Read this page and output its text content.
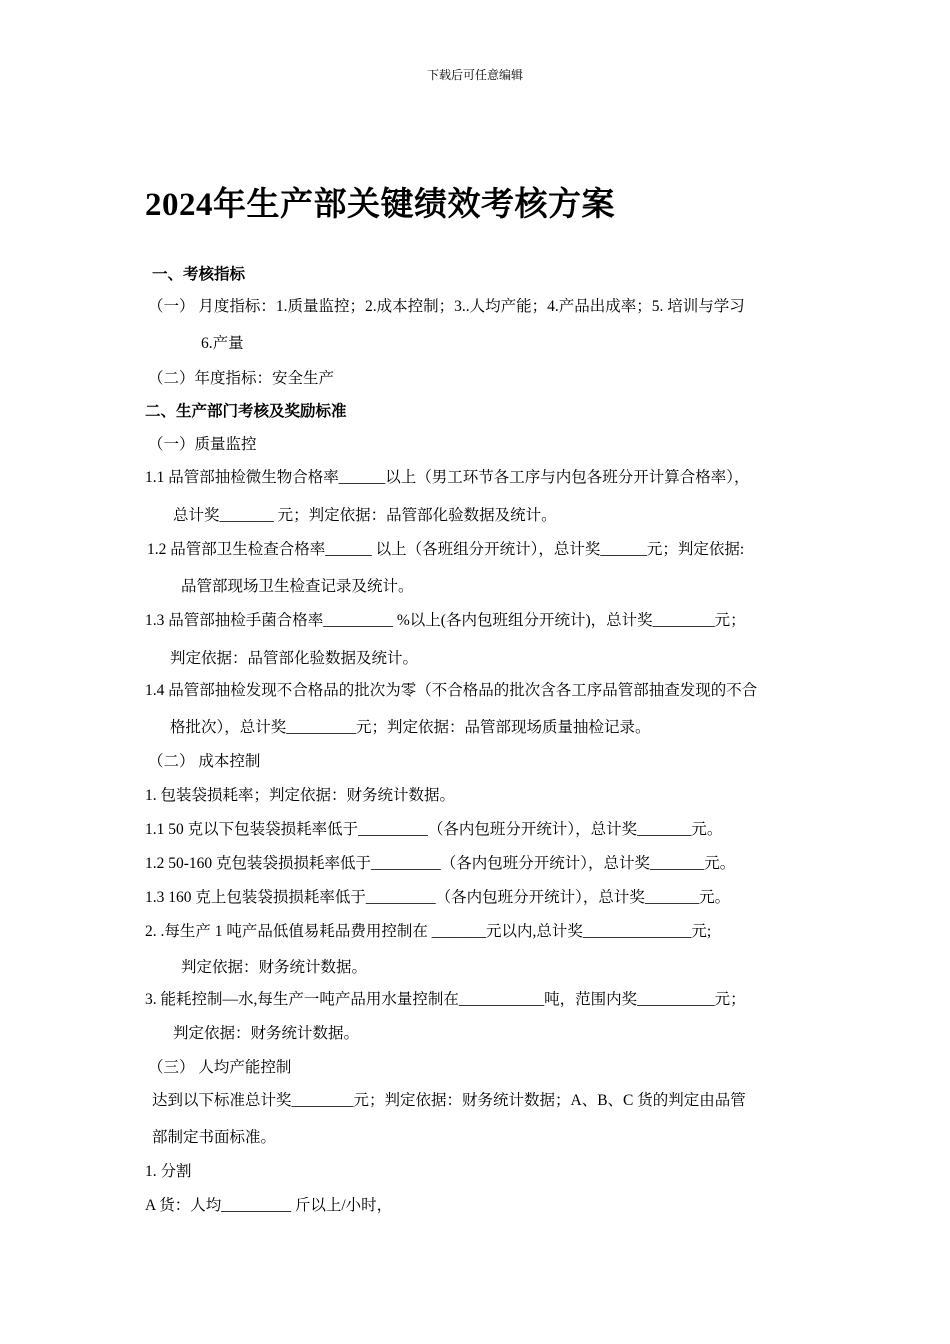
下载后可任意编辑
2024年生产部关键绩效考核方案
一、考核指标
（一） 月度指标：1.质量监控；2.成本控制；3..人均产能；4.产品出成率；5. 培训与学习
6.产量
（二）年度指标：安全生产
二、生产部门考核及奖励标准
（一）质量监控
1.1 品管部抽检微生物合格率______以上（男工环节各工序与内包各班分开计算合格率），
总计奖_______ 元；判定依据：品管部化验数据及统计。
1.2 品管部卫生检查合格率______ 以上（各班组分开统计），总计奖______元；判定依据:
品管部现场卫生检查记录及统计。
1.3 品管部抽检手菌合格率_________ %以上(各内包班组分开统计)，总计奖________元；
判定依据：品管部化验数据及统计。
1.4 品管部抽检发现不合格品的批次为零（不合格品的批次含各工序品管部抽查发现的不合
格批次），总计奖_________元；判定依据：品管部现场质量抽检记录。
（二） 成本控制
1. 包装袋损耗率；判定依据：财务统计数据。
1.1 50 克以下包装袋损耗率低于_________（各内包班分开统计），总计奖_______元。
1.2 50-160 克包装袋损损耗率低于_________（各内包班分开统计），总计奖_______元。
1.3 160 克上包装袋损损耗率低于_________（各内包班分开统计），总计奖_______元。
2. .每生产 1 吨产品低值易耗品费用控制在 _______元以内,总计奖______________元;
判定依据：财务统计数据。
3. 能耗控制—水,每生产一吨产品用水量控制在___________吨，范围内奖__________元；
判定依据：财务统计数据。
（三） 人均产能控制
达到以下标准总计奖________元；判定依据：财务统计数据；A、B、C 货的判定由品管
部制定书面标准。
1. 分割
A 货：人均_________ 斤以上/小时，
